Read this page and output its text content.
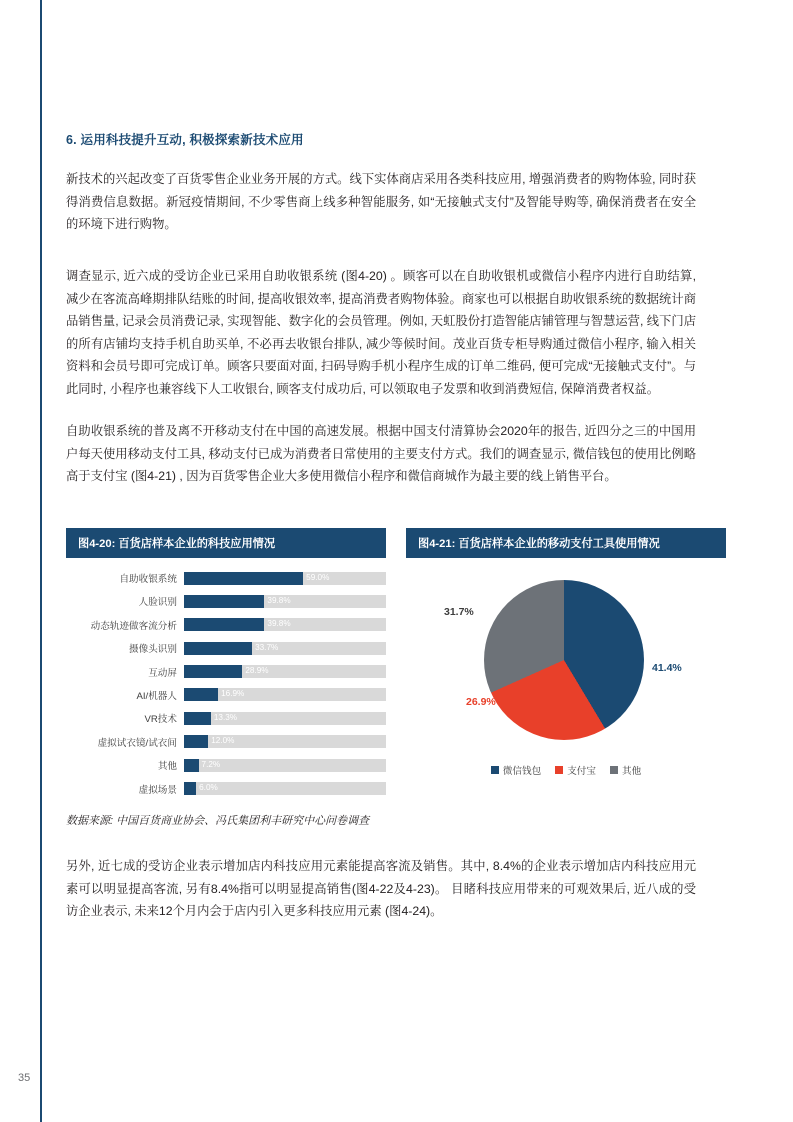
6. 运用科技提升互动, 积极探索新技术应用

新技术的兴起改变了百货零售企业业务开展的方式。线下实体商店采用各类科技应用, 增强消费者的购物体验, 同时获得消费信息数据。新冠疫情期间, 不少零售商上线多种智能服务, 如“无接触式支付”及智能导购等, 确保消费者在安全的环境下进行购物。

调查显示, 近六成的受访企业已采用自助收银系统 (图4-20) 。顾客可以在自助收银机或微信小程序内进行自助结算, 减少在客流高峰期排队结账的时间, 提高收银效率, 提高消费者购物体验。商家也可以根据自助收银系统的数据统计商品销售量, 记录会员消费记录, 实现智能、数字化的会员管理。例如, 天虹股份打造智能店铺管理与智慧运营, 线下门店的所有店铺均支持手机自助买单, 不必再去收银台排队, 减少等候时间。茂业百货专柜导购通过微信小程序, 输入相关资料和会员号即可完成订单。顾客只要面对面, 扫码导购手机小程序生成的订单二维码, 便可完成“无接触式支付”。与此同时, 小程序也兼容线下人工收银台, 顾客支付成功后, 可以领取电子发票和收到消费短信, 保障消费者权益。

自助收银系统的普及离不开移动支付在中国的高速发展。根据中国支付清算协会2020年的报告, 近四分之三的中国用户每天使用移动支付工具, 移动支付已成为消费者日常使用的主要支付方式。我们的调查显示, 微信钱包的使用比例略高于支付宝 (图4-21) , 因为百货零售企业大多使用微信小程序和微信商城作为最主要的线上销售平台。

图4-20: 百货店样本企业的科技应用情况
自助收银系统	59.0%
人脸识别	39.8%
动态轨迹做客流分析	39.8%
摄像头识别	33.7%
互动屏	28.9%
AI/机器人	16.9%
VR技术	13.3%
虚拟试衣镜/试衣间	12.0%
其他	7.2%
虚拟场景	6.0%
图4-21: 百货店样本企业的移动支付工具使用情况
41.4%
26.9%
31.7%
微信钱包	支付宝	其他
数据来源: 中国百货商业协会、冯氏集团利丰研究中心问卷调查

另外, 近七成的受访企业表示增加店内科技应用元素能提高客流及销售。其中, 8.4%的企业表示增加店内科技应用元素可以明显提高客流, 另有8.4%指可以明显提高销售(图4-22及4-23)。 目睹科技应用带来的可观效果后, 近八成的受访企业表示, 未来12个月内会于店内引入更多科技应用元素 (图4-24)。

35
